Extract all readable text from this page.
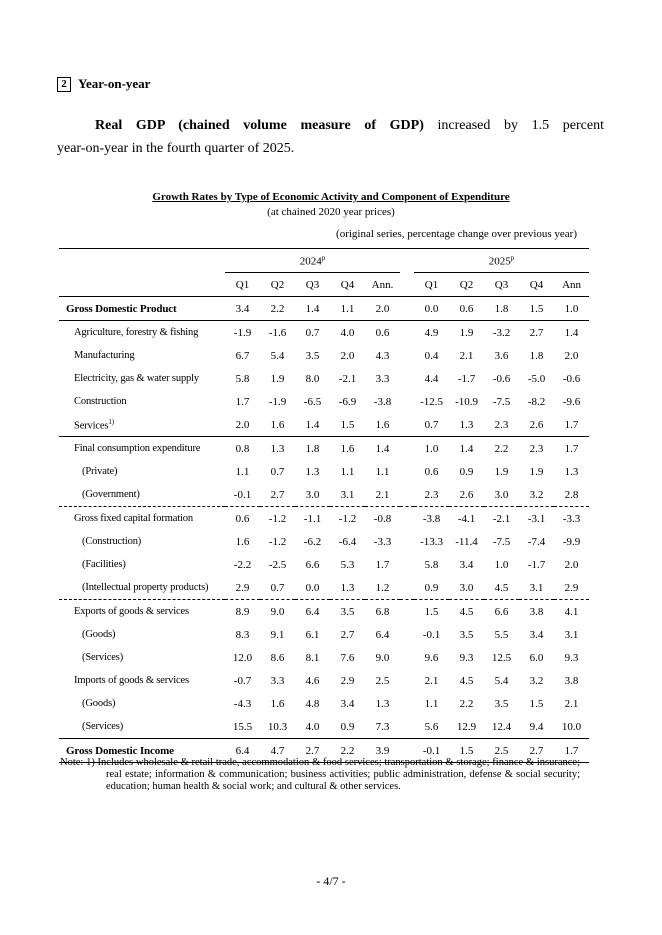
2 Year-on-year
Real GDP (chained volume measure of GDP) increased by 1.5 percent
year-on-year in the fourth quarter of 2025.
Growth Rates by Type of Economic Activity and Component of Expenditure
(at chained 2020 year prices)
(original series, percentage change over previous year)
	2024$^p$						2025$^p$
	Q1	Q2	Q3	Q4	Ann.		Q1	Q2	Q3	Q4	Ann
Gross Domestic Product	3.4	2.2	1.4	1.1	2.0		0.0	0.6	1.8	1.5	1.0
Agriculture, forestry & fishing	-1.9	-1.6	0.7	4.0	0.6		4.9	1.9	-3.2	2.7	1.4
Manufacturing	6.7	5.4	3.5	2.0	4.3		0.4	2.1	3.6	1.8	2.0
Electricity, gas & water supply	5.8	1.9	8.0	-2.1	3.3		4.4	-1.7	-0.6	-5.0	-0.6
Construction	1.7	-1.9	-6.5	-6.9	-3.8		-12.5	-10.9	-7.5	-8.2	-9.6
Services$^{1)}$	2.0	1.6	1.4	1.5	1.6		0.7	1.3	2.3	2.6	1.7
Final consumption expenditure	0.8	1.3	1.8	1.6	1.4		1.0	1.4	2.2	2.3	1.7
(Private)	1.1	0.7	1.3	1.1	1.1		0.6	0.9	1.9	1.9	1.3
(Government)	-0.1	2.7	3.0	3.1	2.1		2.3	2.6	3.0	3.2	2.8
Gross fixed capital formation	0.6	-1.2	-1.1	-1.2	-0.8		-3.8	-4.1	-2.1	-3.1	-3.3
(Construction)	1.6	-1.2	-6.2	-6.4	-3.3		-13.3	-11.4	-7.5	-7.4	-9.9
(Facilities)	-2.2	-2.5	6.6	5.3	1.7		5.8	3.4	1.0	-1.7	2.0
(Intellectual property products)	2.9	0.7	0.0	1.3	1.2		0.9	3.0	4.5	3.1	2.9
Exports of goods & services	8.9	9.0	6.4	3.5	6.8		1.5	4.5	6.6	3.8	4.1
(Goods)	8.3	9.1	6.1	2.7	6.4		-0.1	3.5	5.5	3.4	3.1
(Services)	12.0	8.6	8.1	7.6	9.0		9.6	9.3	12.5	6.0	9.3
Imports of goods & services	-0.7	3.3	4.6	2.9	2.5		2.1	4.5	5.4	3.2	3.8
(Goods)	-4.3	1.6	4.8	3.4	1.3		1.1	2.2	3.5	1.5	2.1
(Services)	15.5	10.3	4.0	0.9	7.3		5.6	12.9	12.4	9.4	10.0
Gross Domestic Income	6.4	4.7	2.7	2.2	3.9		-0.1	1.5	2.5	2.7	1.7
Note: 1) Includes wholesale & retail trade, accommodation & food services; transportation & storage; finance & insurance; real estate; information & communication; business activities; public administration, defense & social security; education; human health & social work; and cultural & other services.
- 4/7 -
